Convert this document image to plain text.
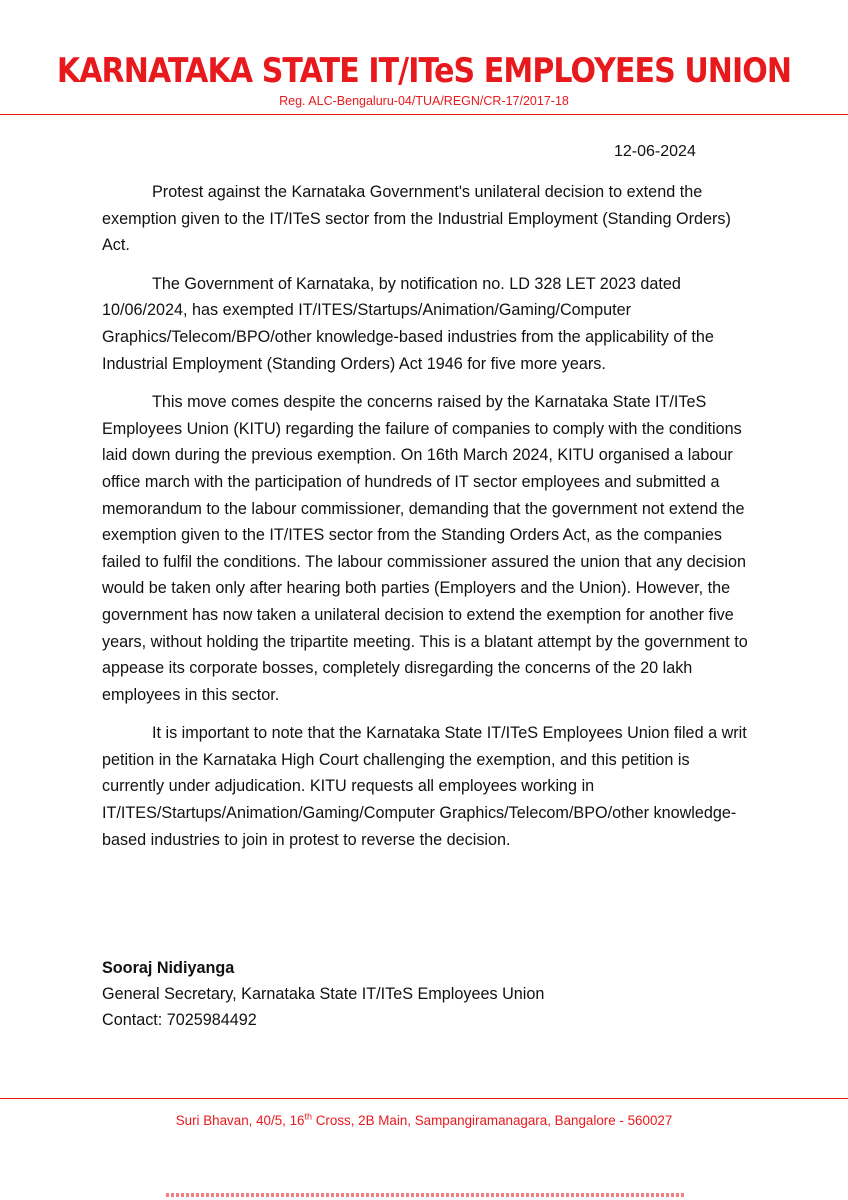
KARNATAKA STATE IT/ITeS EMPLOYEES UNION
Reg. ALC-Bengaluru-04/TUA/REGN/CR-17/2017-18
12-06-2024

Protest against the Karnataka Government's unilateral decision to extend the exemption given to the IT/ITeS sector from the Industrial Employment (Standing Orders) Act.

The Government of Karnataka, by notification no. LD 328 LET 2023 dated 10/06/2024, has exempted IT/ITES/Startups/Animation/Gaming/Computer Graphics/Telecom/BPO/other knowledge-based industries from the applicability of the Industrial Employment (Standing Orders) Act 1946 for five more years.

This move comes despite the concerns raised by the Karnataka State IT/ITeS Employees Union (KITU) regarding the failure of companies to comply with the conditions laid down during the previous exemption. On 16th March 2024, KITU organised a labour office march with the participation of hundreds of IT sector employees and submitted a memorandum to the labour commissioner, demanding that the government not extend the exemption given to the IT/ITES sector from the Standing Orders Act, as the companies failed to fulfil the conditions. The labour commissioner assured the union that any decision would be taken only after hearing both parties (Employers and the Union). However, the government has now taken a unilateral decision to extend the exemption for another five years, without holding the tripartite meeting. This is a blatant attempt by the government to appease its corporate bosses, completely disregarding the concerns of the 20 lakh employees in this sector.

It is important to note that the Karnataka State IT/ITeS Employees Union filed a writ petition in the Karnataka High Court challenging the exemption, and this petition is currently under adjudication. KITU requests all employees working in IT/ITES/Startups/Animation/Gaming/Computer Graphics/Telecom/BPO/other knowledge-based industries to join in protest to reverse the decision.

Sooraj Nidiyanga
General Secretary, Karnataka State IT/ITeS Employees Union
Contact: 7025984492
Suri Bhavan, 40/5, 16th Cross, 2B Main, Sampangiramanagara, Bangalore - 560027
